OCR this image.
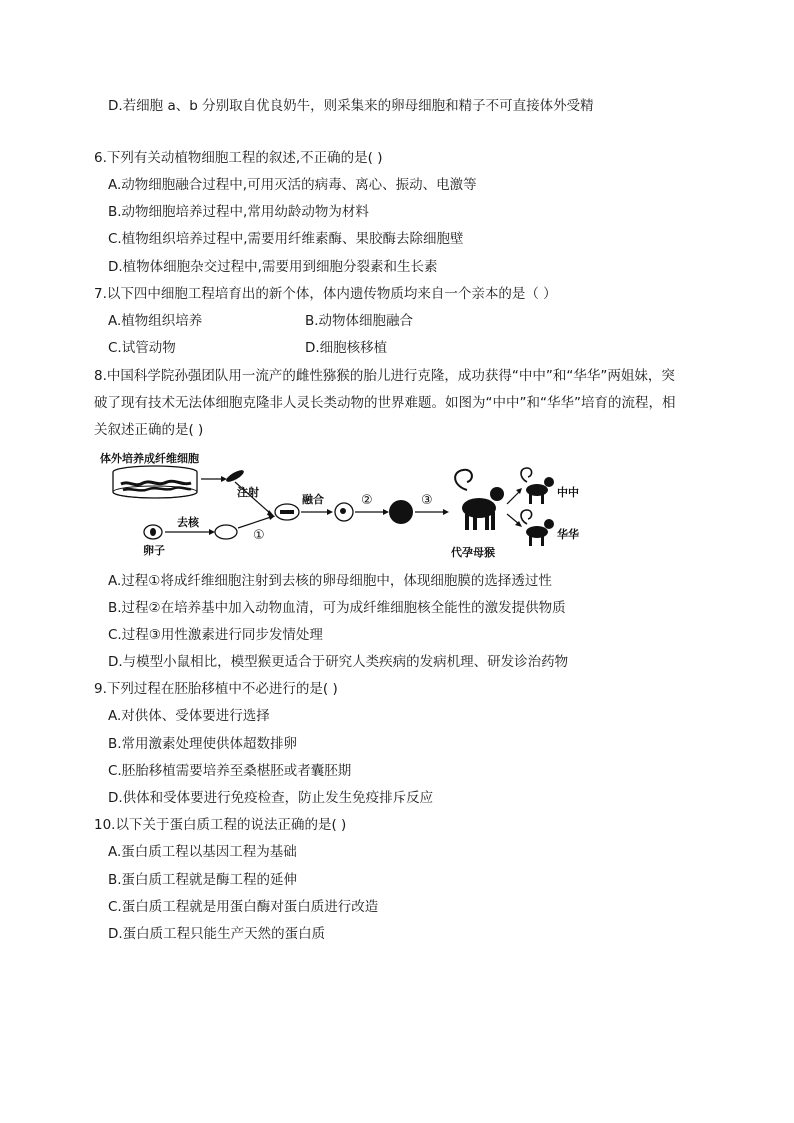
D.若细胞 a、b 分别取自优良奶牛，则采集来的卵母细胞和精子不可直接体外受精
6.下列有关动植物细胞工程的叙述,不正确的是( )
A.动物细胞融合过程中,可用灭活的病毒、离心、振动、电激等
B.动物细胞培养过程中,常用幼龄动物为材料
C.植物组织培养过程中,需要用纤维素酶、果胶酶去除细胞壁
D.植物体细胞杂交过程中,需要用到细胞分裂素和生长素
7.以下四中细胞工程培育出的新个体，体内遗传物质均来自一个亲本的是（ ）
A.植物组织培养	B.动物体细胞融合
C.试管动物	D.细胞核移植
8.中国科学院孙强团队用一流产的雌性猕猴的胎儿进行克隆，成功获得“中中”和“华华”两姐妹，突
破了现有技术无法体细胞克隆非人灵长类动物的世界难题。如图为“中中”和“华华”培育的流程，相
关叙述正确的是( )
体外培养成纤维细胞
注射
卵子
去核
①
融合	②	③
代孕母猴
中中
华华
A.过程①将成纤维细胞注射到去核的卵母细胞中，体现细胞膜的选择透过性
B.过程②在培养基中加入动物血清，可为成纤维细胞核全能性的激发提供物质
C.过程③用性激素进行同步发情处理
D.与模型小鼠相比，模型猴更适合于研究人类疾病的发病机理、研发诊治药物
9.下列过程在胚胎移植中不必进行的是( )
A.对供体、受体要进行选择
B.常用激素处理使供体超数排卵
C.胚胎移植需要培养至桑椹胚或者囊胚期
D.供体和受体要进行免疫检查，防止发生免疫排斥反应
10.以下关于蛋白质工程的说法正确的是( )
A.蛋白质工程以基因工程为基础
B.蛋白质工程就是酶工程的延伸
C.蛋白质工程就是用蛋白酶对蛋白质进行改造
D.蛋白质工程只能生产天然的蛋白质
